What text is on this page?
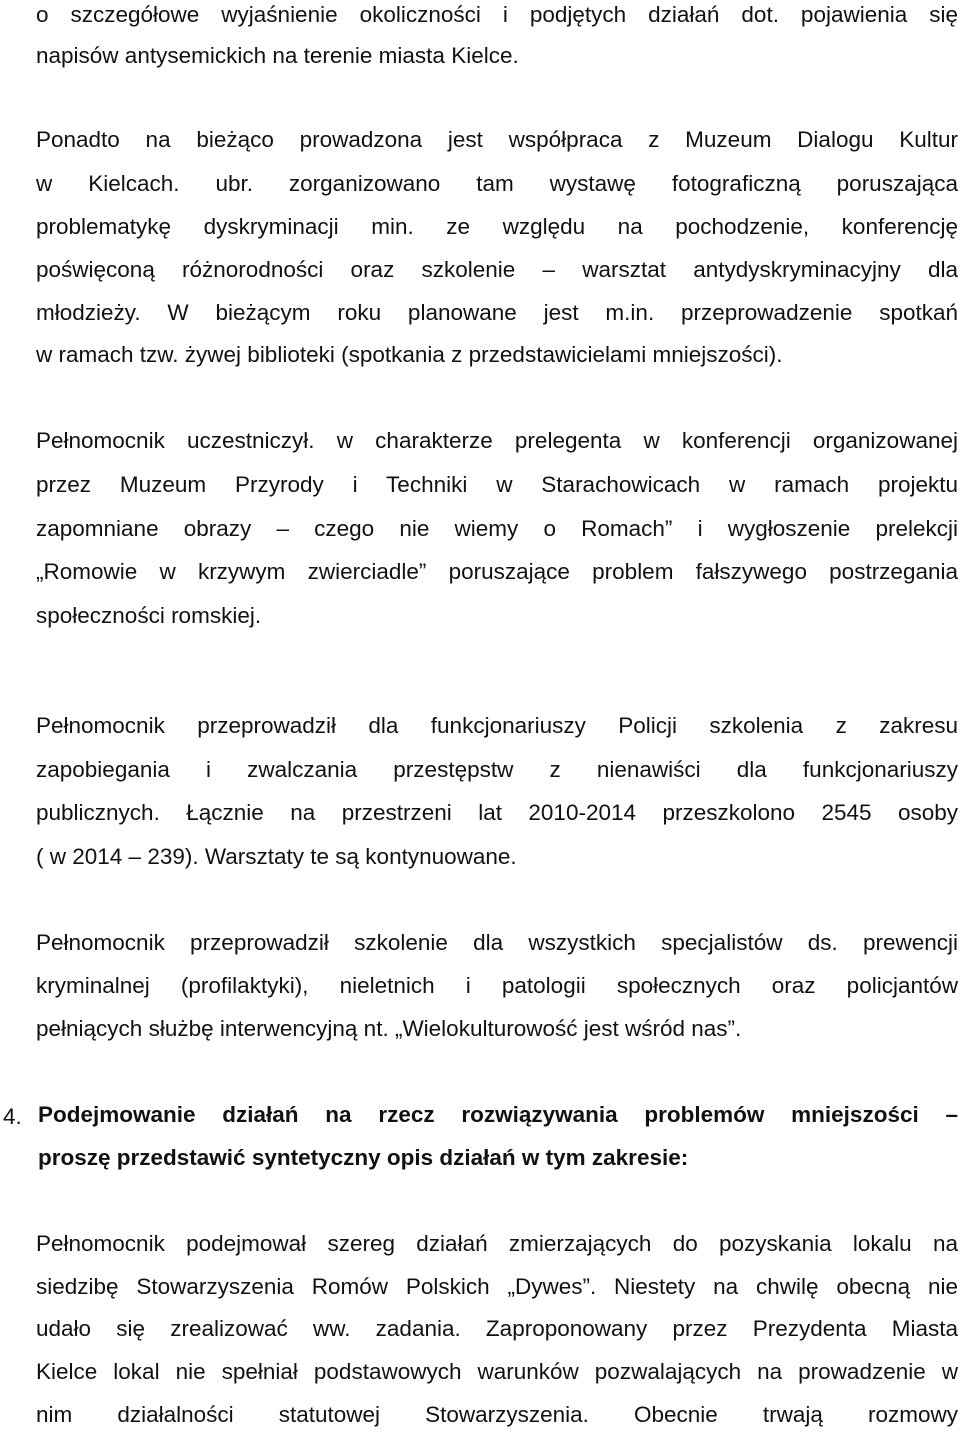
o szczegółowe wyjaśnienie okoliczności i podjętych działań dot. pojawienia się
napisów antysemickich na terenie miasta Kielce.
Ponadto na bieżąco prowadzona jest współpraca z Muzeum Dialogu Kultur
w Kielcach. ubr. zorganizowano tam wystawę fotograficzną poruszająca
problematykę dyskryminacji min. ze względu na pochodzenie, konferencję
poświęconą różnorodności oraz szkolenie – warsztat antydyskryminacyjny dla
młodzieży. W bieżącym roku planowane jest m.in. przeprowadzenie spotkań
w ramach tzw. żywej biblioteki (spotkania z przedstawicielami mniejszości).
Pełnomocnik uczestniczył. w charakterze prelegenta w konferencji organizowanej
przez Muzeum Przyrody i Techniki w Starachowicach w ramach projektu
zapomniane obrazy – czego nie wiemy o Romach” i wygłoszenie prelekcji
„Romowie w krzywym zwierciadle” poruszające problem fałszywego postrzegania
społeczności romskiej.
Pełnomocnik przeprowadził dla funkcjonariuszy Policji szkolenia z zakresu
zapobiegania i zwalczania przestępstw z nienawiści dla funkcjonariuszy
publicznych. Łącznie na przestrzeni lat 2010-2014 przeszkolono 2545 osoby
( w 2014 – 239). Warsztaty te są kontynuowane.
Pełnomocnik przeprowadził szkolenie dla wszystkich specjalistów ds. prewencji
kryminalnej (profilaktyki), nieletnich i patologii społecznych oraz policjantów
pełniących służbę interwencyjną nt. „Wielokulturowość jest wśród nas”.
4. Podejmowanie działań na rzecz rozwiązywania problemów mniejszości –
proszę przedstawić syntetyczny opis działań w tym zakresie:
Pełnomocnik podejmował szereg działań zmierzających do pozyskania lokalu na
siedzibę Stowarzyszenia Romów Polskich „Dywes”. Niestety na chwilę obecną nie
udało się zrealizować ww. zadania. Zaproponowany przez Prezydenta Miasta
Kielce lokal nie spełniał podstawowych warunków pozwalających na prowadzenie w
nim działalności statutowej Stowarzyszenia. Obecnie trwają rozmowy
